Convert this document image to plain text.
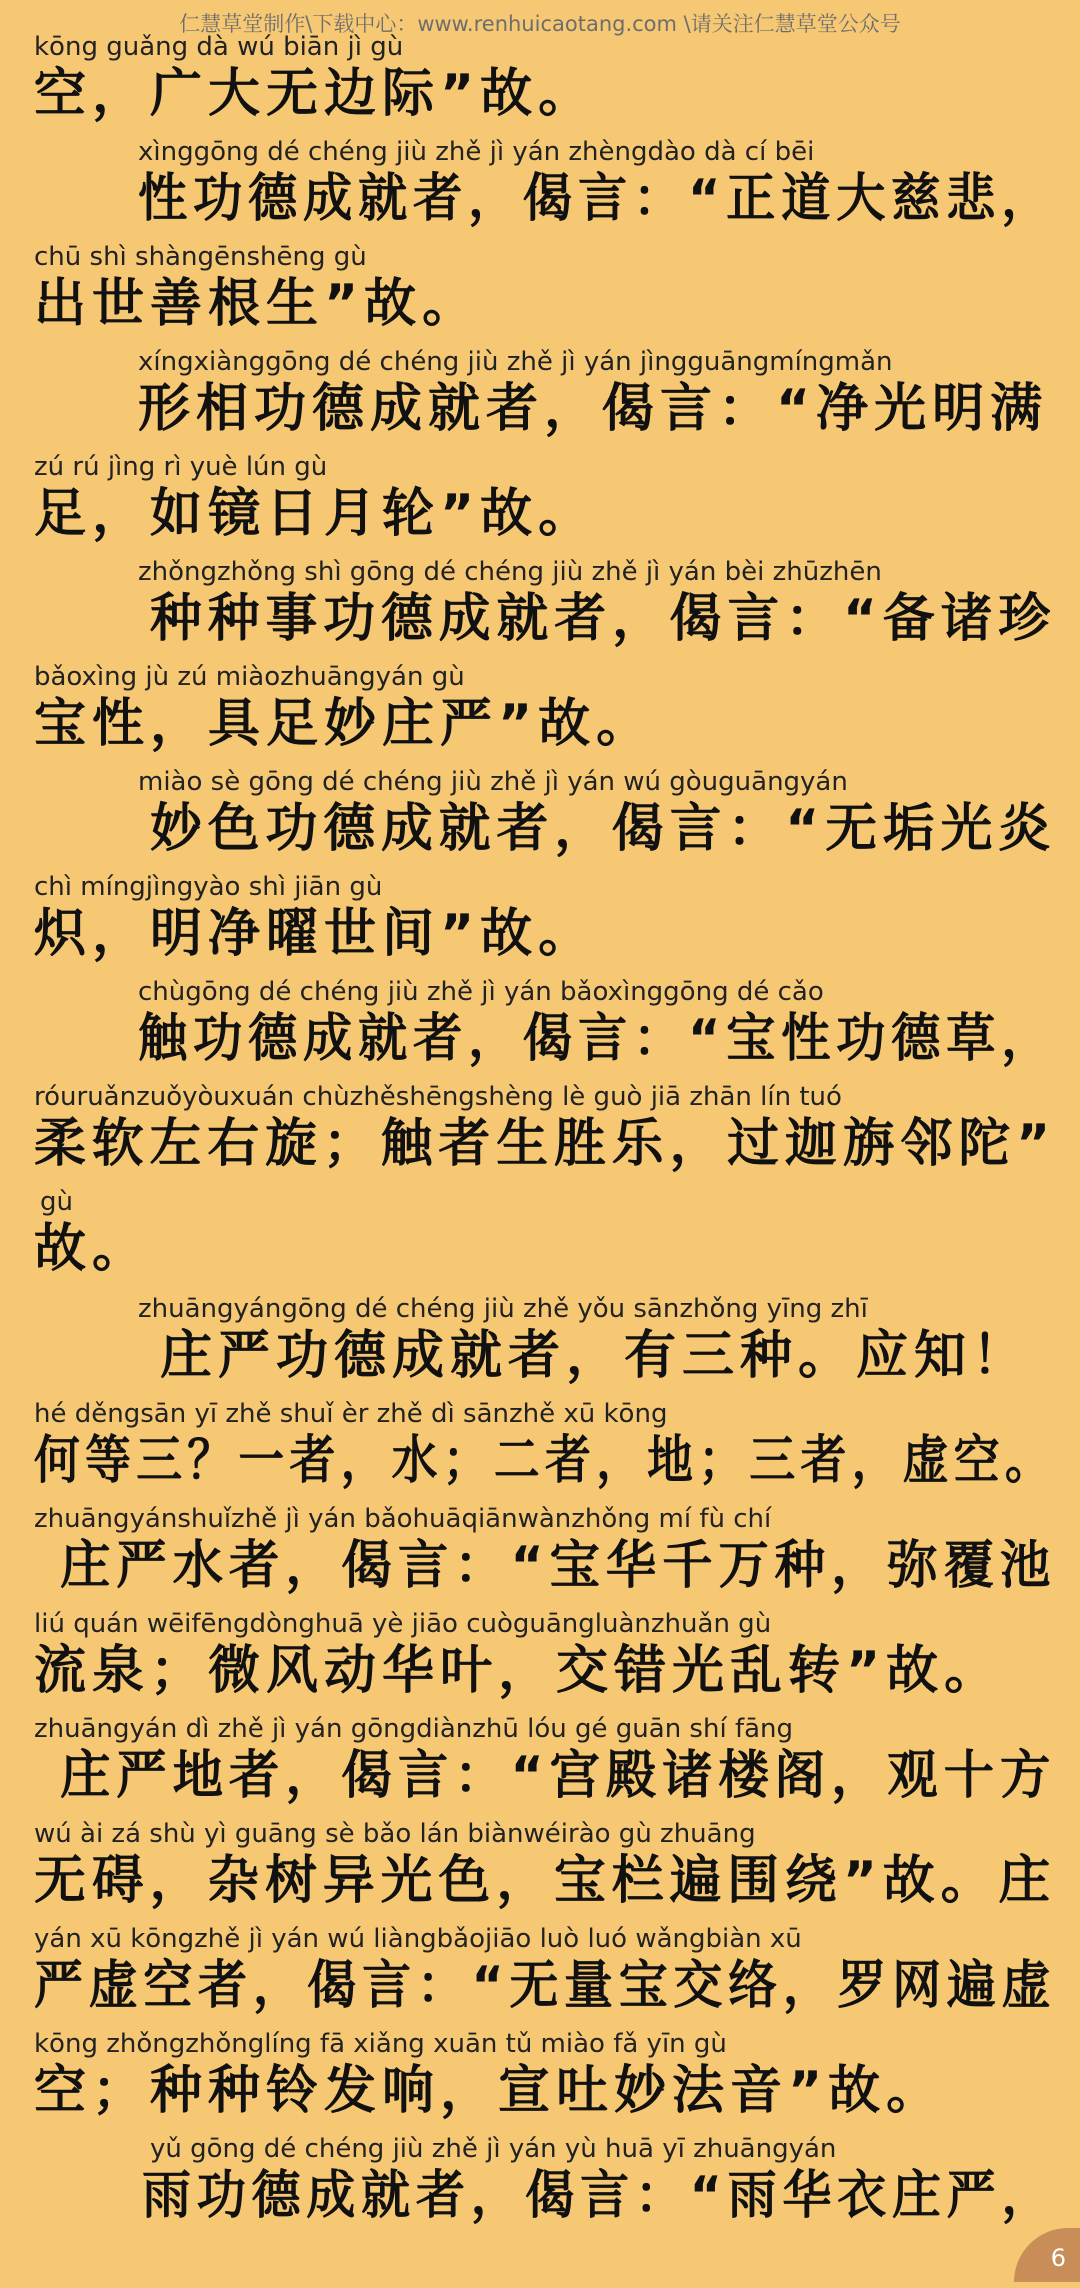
仁慧草堂制作\下载中心：www.renhuicaotang.com \请关注仁慧草堂公众号
kōng guǎng dà wú biān jì gù
空，广大无边际”故。
xìnggōng dé chéng jiù zhě jì yán zhèngdào dà cí bēi
性功德成就者，偈言：“正道大慈悲，
chū shì shàngēnshēng gù
出世善根生”故。
xíngxiànggōng dé chéng jiù zhě jì yán jìngguāngmíngmǎn
形相功德成就者，偈言：“净光明满
zú rú jìng rì yuè lún gù
足，如镜日月轮”故。
zhǒngzhǒng shì gōng dé chéng jiù zhě jì yán bèi zhūzhēn
种种事功德成就者，偈言：“备诸珍
bǎoxìng jù zú miàozhuāngyán gù
宝性，具足妙庄严”故。
miào sè gōng dé chéng jiù zhě jì yán wú gòuguāngyán
妙色功德成就者，偈言：“无垢光炎
chì míngjìngyào shì jiān gù
炽，明净曜世间”故。
chùgōng dé chéng jiù zhě jì yán bǎoxìnggōng dé cǎo
触功德成就者，偈言：“宝性功德草，
róuruǎnzuǒyòuxuán chùzhěshēngshèng lè guò jiā zhān lín tuó
柔软左右旋；触者生胜乐，过迦旃邻陀”
gù
故。
zhuāngyángōng dé chéng jiù zhě yǒu sānzhǒng yīng zhī
庄严功德成就者，有三种。应知！
hé děngsān yī zhě shuǐ èr zhě dì sānzhě xū kōng
何等三？一者，水；二者，地；三者，虚空。
zhuāngyánshuǐzhě jì yán bǎohuāqiānwànzhǒng mí fù chí
庄严水者，偈言：“宝华千万种，弥覆池
liú quán wēifēngdònghuā yè jiāo cuòguāngluànzhuǎn gù
流泉；微风动华叶，交错光乱转”故。
zhuāngyán dì zhě jì yán gōngdiànzhū lóu gé guān shí fāng
庄严地者，偈言：“宫殿诸楼阁，观十方
wú ài zá shù yì guāng sè bǎo lán biànwéirào gù zhuāng
无碍，杂树异光色，宝栏遍围绕”故。庄
yán xū kōngzhě jì yán wú liàngbǎojiāo luò luó wǎngbiàn xū
严虚空者，偈言：“无量宝交络，罗网遍虚
kōng zhǒngzhǒnglíng fā xiǎng xuān tǔ miào fǎ yīn gù
空；种种铃发响，宣吐妙法音”故。
yǔ gōng dé chéng jiù zhě jì yán yù huā yī zhuāngyán
雨功德成就者，偈言：“雨华衣庄严，
6
